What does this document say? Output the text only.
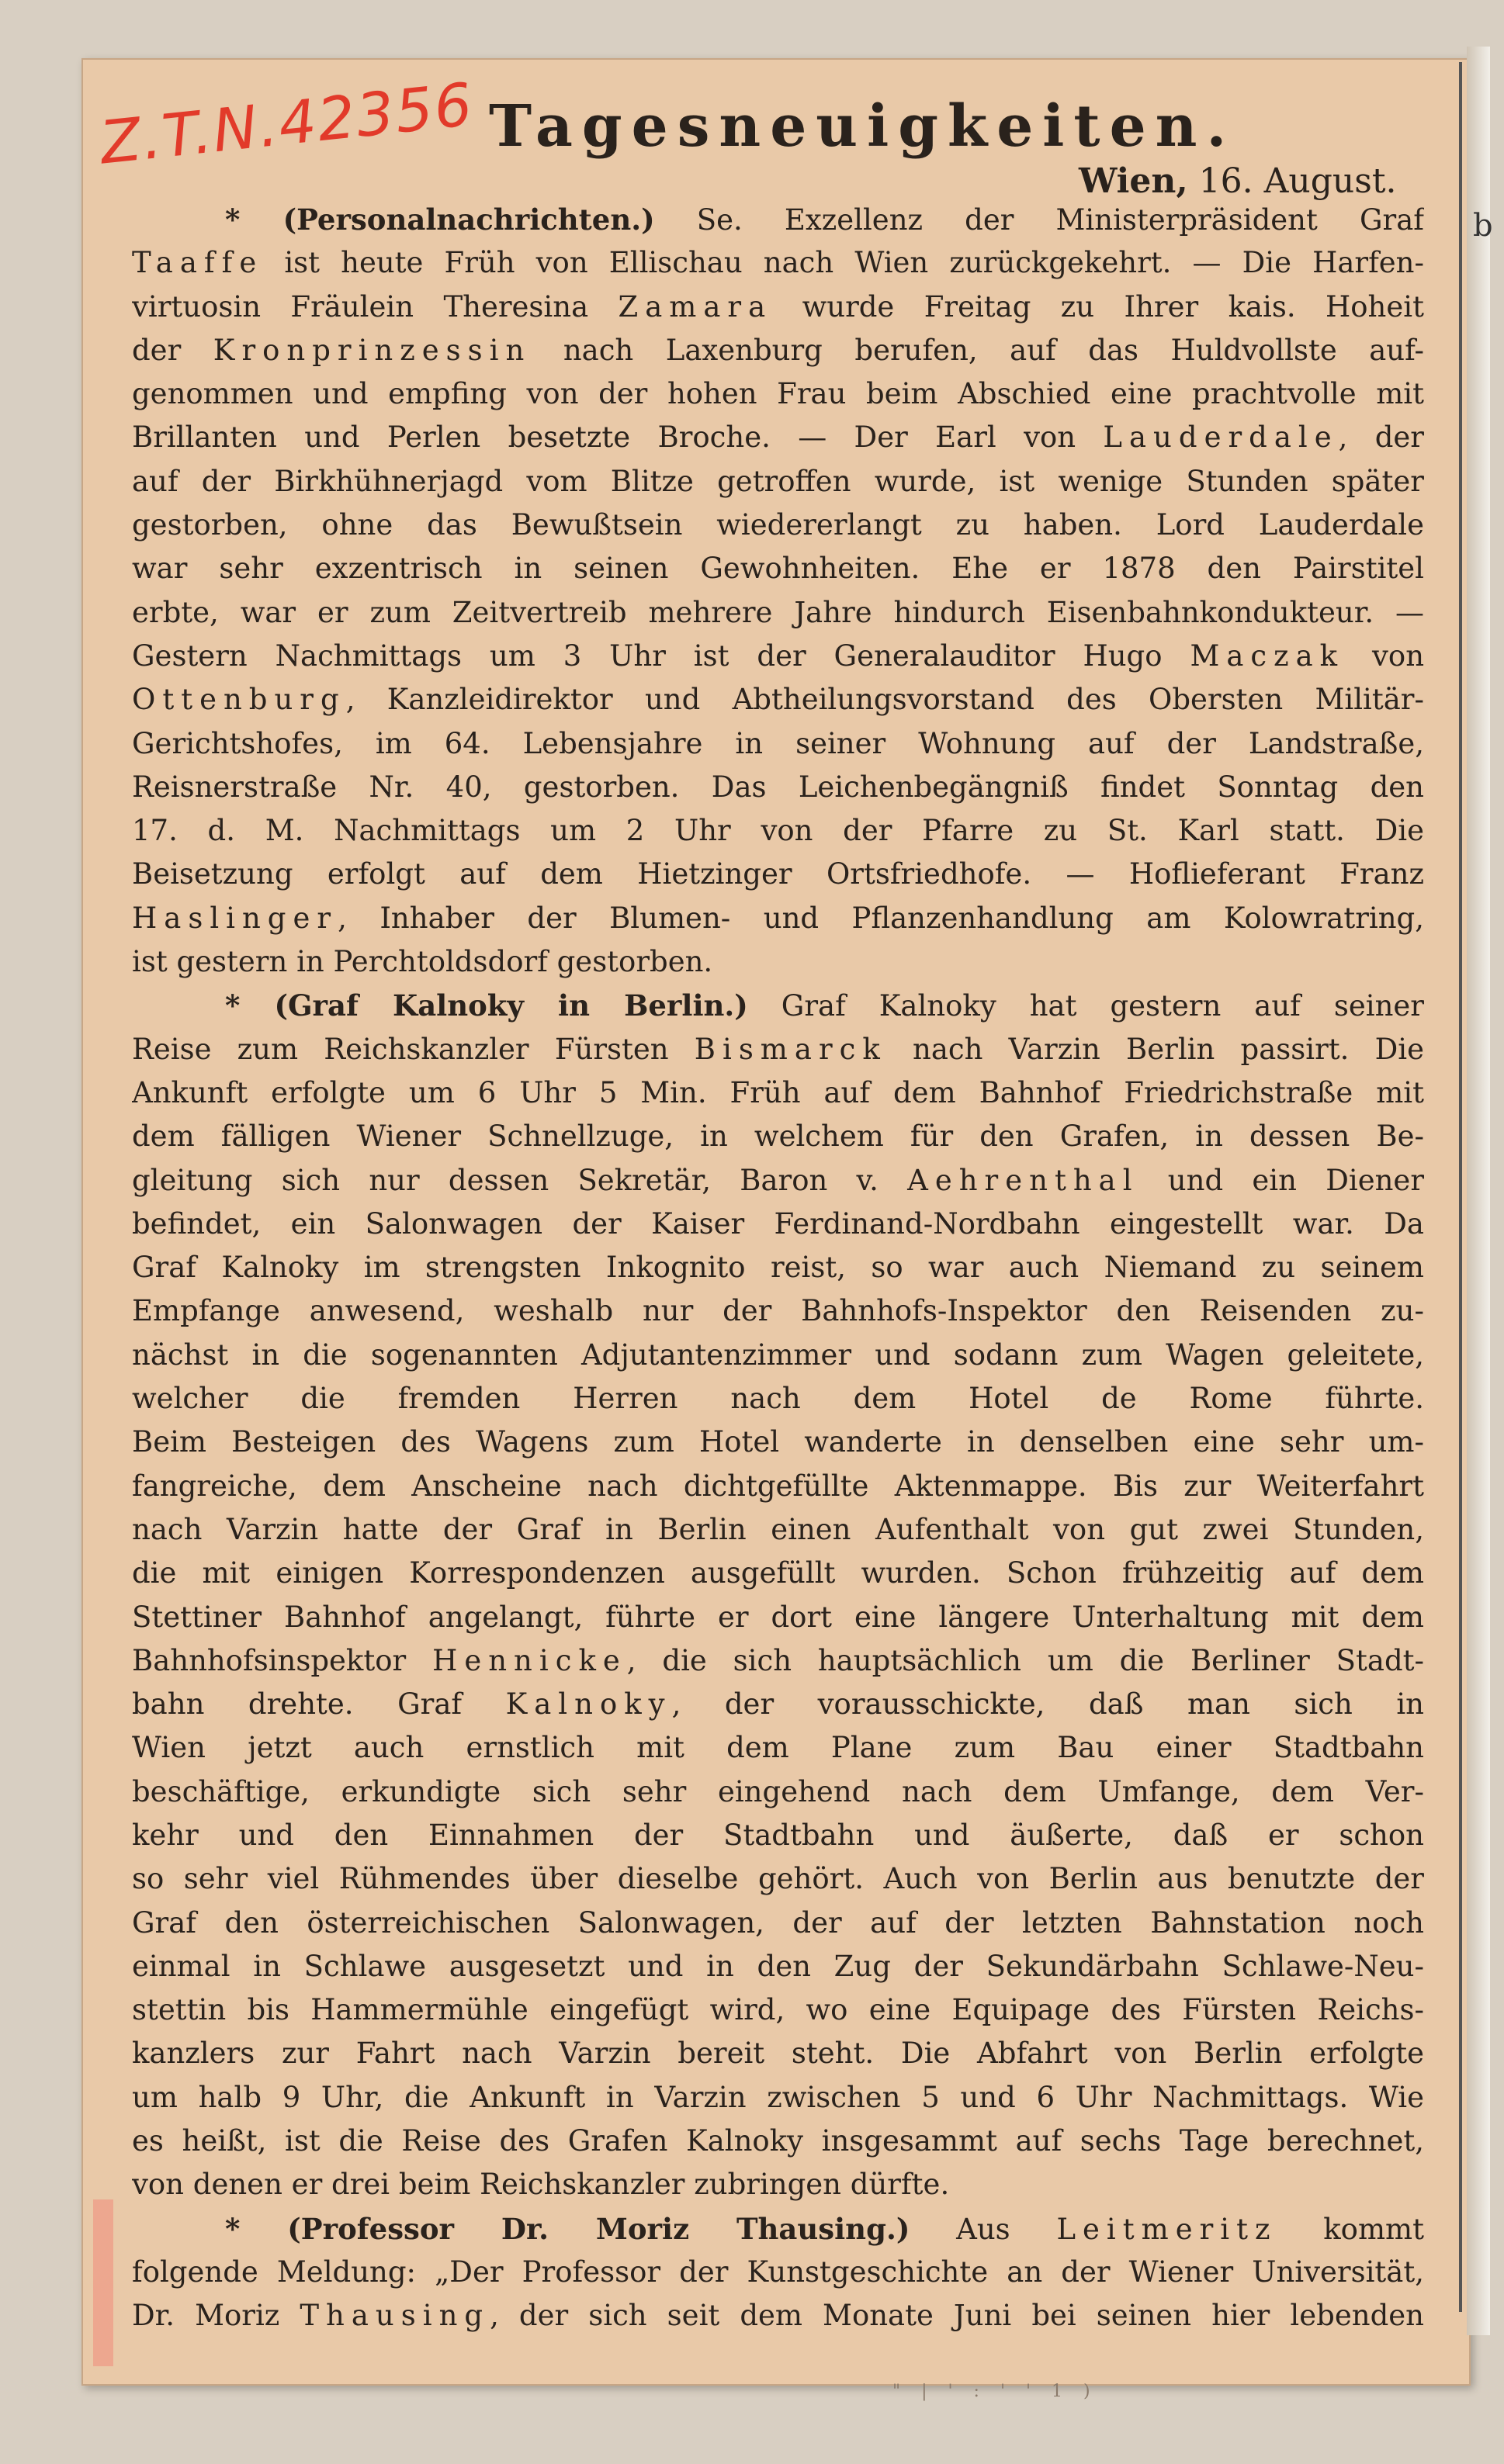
b
Z.T.N.42356 Tagesneuigkeiten.
Wien, 16. August.
* (Personalnachrichten.) Se. Exzellenz der Ministerpräsident Graf
Taaffe ist heute Früh von Ellischau nach Wien zurückgekehrt. — Die Harfen-
virtuosin Fräulein Theresina Zamara wurde Freitag zu Ihrer kais. Hoheit
der Kronprinzessin nach Laxenburg berufen, auf das Huldvollste auf-
genommen und empfing von der hohen Frau beim Abschied eine prachtvolle mit
Brillanten und Perlen besetzte Broche. — Der Earl von Lauderdale, der
auf der Birkhühnerjagd vom Blitze getroffen wurde, ist wenige Stunden später
gestorben, ohne das Bewußtsein wiedererlangt zu haben. Lord Lauderdale
war sehr exzentrisch in seinen Gewohnheiten. Ehe er 1878 den Pairstitel
erbte, war er zum Zeitvertreib mehrere Jahre hindurch Eisenbahnkondukteur. —
Gestern Nachmittags um 3 Uhr ist der Generalauditor Hugo Maczak von
Ottenburg, Kanzleidirektor und Abtheilungsvorstand des Obersten Militär-
Gerichtshofes, im 64. Lebensjahre in seiner Wohnung auf der Landstraße,
Reisnerstraße Nr. 40, gestorben. Das Leichenbegängniß findet Sonntag den
17. d. M. Nachmittags um 2 Uhr von der Pfarre zu St. Karl statt. Die
Beisetzung erfolgt auf dem Hietzinger Ortsfriedhofe. — Hoflieferant Franz
Haslinger, Inhaber der Blumen- und Pflanzenhandlung am Kolowratring,
ist gestern in Perchtoldsdorf gestorben.
* (Graf Kalnoky in Berlin.) Graf Kalnoky hat gestern auf seiner
Reise zum Reichskanzler Fürsten Bismarck nach Varzin Berlin passirt. Die
Ankunft erfolgte um 6 Uhr 5 Min. Früh auf dem Bahnhof Friedrichstraße mit
dem fälligen Wiener Schnellzuge, in welchem für den Grafen, in dessen Be-
gleitung sich nur dessen Sekretär, Baron v. Aehrenthal und ein Diener
befindet, ein Salonwagen der Kaiser Ferdinand-Nordbahn eingestellt war. Da
Graf Kalnoky im strengsten Inkognito reist, so war auch Niemand zu seinem
Empfange anwesend, weshalb nur der Bahnhofs-Inspektor den Reisenden zu-
nächst in die sogenannten Adjutantenzimmer und sodann zum Wagen geleitete,
welcher die fremden Herren nach dem Hotel de Rome führte.
Beim Besteigen des Wagens zum Hotel wanderte in denselben eine sehr um-
fangreiche, dem Anscheine nach dichtgefüllte Aktenmappe. Bis zur Weiterfahrt
nach Varzin hatte der Graf in Berlin einen Aufenthalt von gut zwei Stunden,
die mit einigen Korrespondenzen ausgefüllt wurden. Schon frühzeitig auf dem
Stettiner Bahnhof angelangt, führte er dort eine längere Unterhaltung mit dem
Bahnhofsinspektor Hennicke, die sich hauptsächlich um die Berliner Stadt-
bahn drehte. Graf Kalnoky, der vorausschickte, daß man sich in
Wien jetzt auch ernstlich mit dem Plane zum Bau einer Stadtbahn
beschäftige, erkundigte sich sehr eingehend nach dem Umfange, dem Ver-
kehr und den Einnahmen der Stadtbahn und äußerte, daß er schon
so sehr viel Rühmendes über dieselbe gehört. Auch von Berlin aus benutzte der
Graf den österreichischen Salonwagen, der auf der letzten Bahnstation noch
einmal in Schlawe ausgesetzt und in den Zug der Sekundärbahn Schlawe-Neu-
stettin bis Hammermühle eingefügt wird, wo eine Equipage des Fürsten Reichs-
kanzlers zur Fahrt nach Varzin bereit steht. Die Abfahrt von Berlin erfolgte
um halb 9 Uhr, die Ankunft in Varzin zwischen 5 und 6 Uhr Nachmittags. Wie
es heißt, ist die Reise des Grafen Kalnoky insgesammt auf sechs Tage berechnet,
von denen er drei beim Reichskanzler zubringen dürfte.
* (Professor Dr. Moriz Thausing.) Aus Leitmeritz kommt
folgende Meldung: „Der Professor der Kunstgeschichte an der Wiener Universität,
Dr. Moriz Thausing, der sich seit dem Monate Juni bei seinen hier lebenden
" | ' : ' ' 1 )
